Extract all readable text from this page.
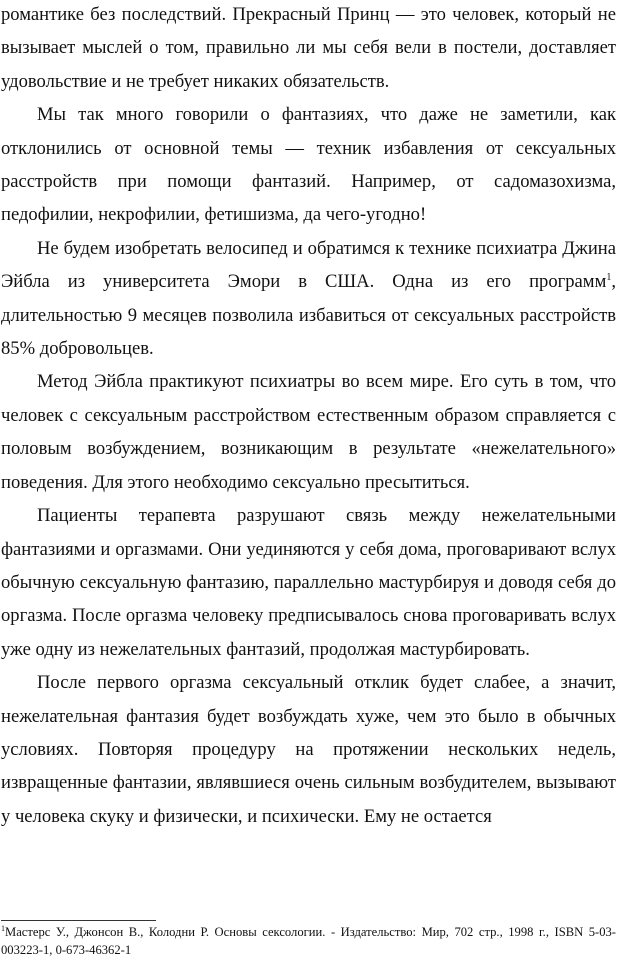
романтике без последствий. Прекрасный Принц — это человек, который не вызывает мыслей о том, правильно ли мы себя вели в постели, доставляет удовольствие и не требует никаких обязательств.

Мы так много говорили о фантазиях, что даже не заметили, как отклонились от основной темы — техник избавления от сексуальных расстройств при помощи фантазий. Например, от садомазохизма, педофилии, некрофилии, фетишизма, да чего-угодно!

Не будем изобретать велосипед и обратимся к технике психиатра Джина Эйбла из университета Эмори в США. Одна из его программ$^1$, длительностью 9 месяцев позволила избавиться от сексуальных расстройств 85% добровольцев.

Метод Эйбла практикуют психиатры во всем мире. Его суть в том, что человек с сексуальным расстройством естественным образом справляется с половым возбуждением, возникающим в результате «нежелательного» поведения. Для этого необходимо сексуально пресытиться.

Пациенты терапевта разрушают связь между нежелательными фантазиями и оргазмами. Они уединяются у себя дома, проговаривают вслух обычную сексуальную фантазию, параллельно мастурбируя и доводя себя до оргазма. После оргазма человеку предписывалось снова проговаривать вслух уже одну из нежелательных фантазий, продолжая мастурбировать.

После первого оргазма сексуальный отклик будет слабее, а значит, нежелательная фантазия будет возбуждать хуже, чем это было в обычных условиях. Повторяя процедуру на протяжении нескольких недель, извращенные фантазии, являвшиеся очень сильным возбудителем, вызывают у человека скуку и физически, и психически. Ему не остается

$^1$Мастерс У., Джонсон В., Колодни Р. Основы сексологии. - Издательство: Мир, 702 стр., 1998 г., ISBN 5-03-003223-1, 0-673-46362-1
